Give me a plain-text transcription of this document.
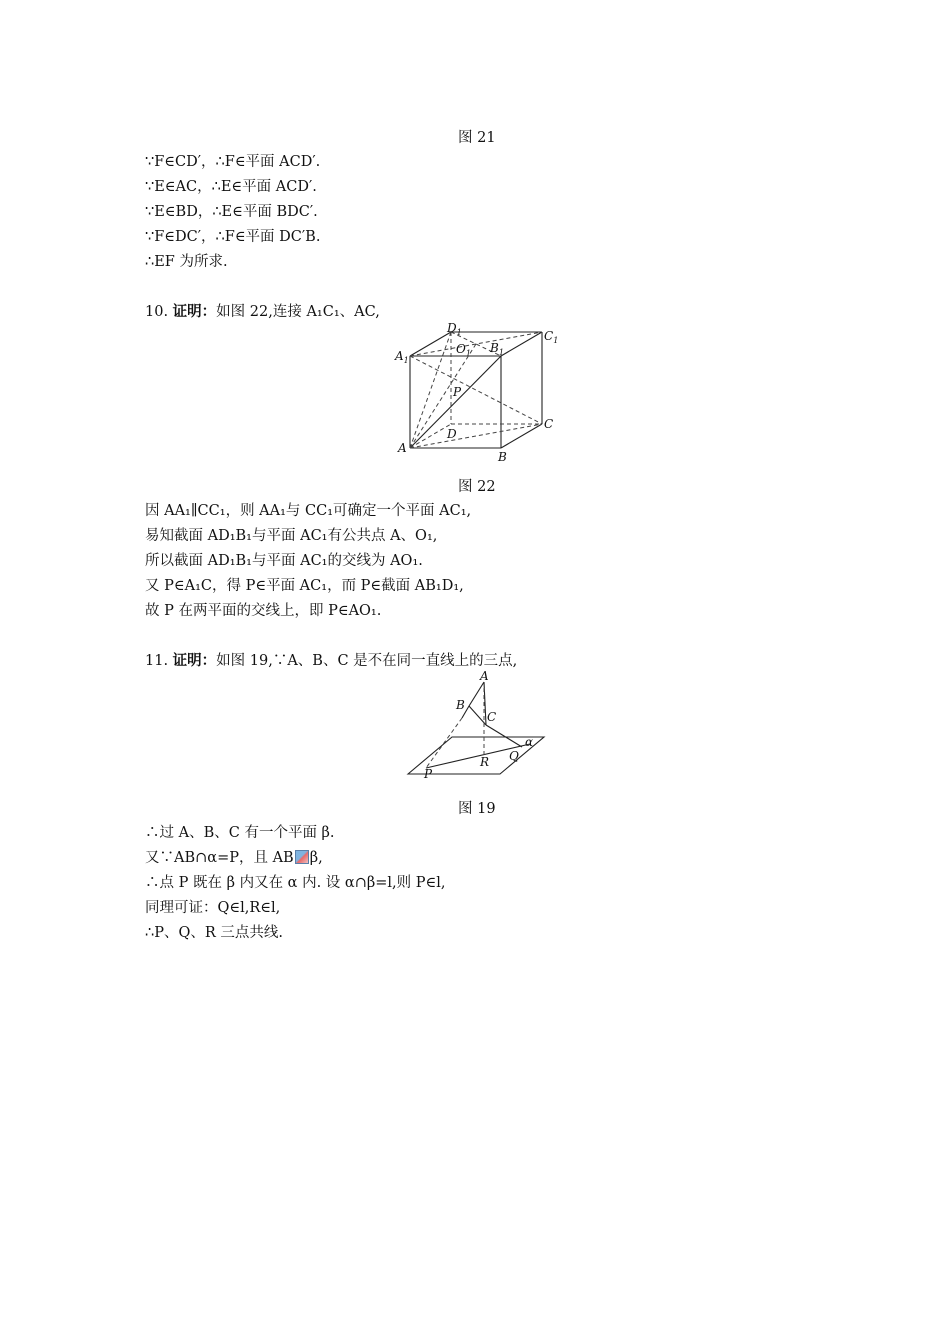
图 21
∵F∈CD′，∴F∈平面 ACD′.
∵E∈AC，∴E∈平面 ACD′.
∵E∈BD，∴E∈平面 BDC′.
∵F∈DC′，∴F∈平面 DC′B.
∴EF 为所求.
10. 证明：如图 22,连接 A₁C₁、AC,
$D_1$	$C_1$
$A_1$
$B_1$
$O_1$
P
D
C
A
B
图 22
因 AA₁∥CC₁，则 AA₁与 CC₁可确定一个平面 AC₁,
易知截面 AD₁B₁与平面 AC₁有公共点 A、O₁,
所以截面 AD₁B₁与平面 AC₁的交线为 AO₁.
又 P∈A₁C，得 P∈平面 AC₁，而 P∈截面 AB₁D₁,
故 P 在两平面的交线上，即 P∈AO₁.
11. 证明：如图 19,∵A、B、C 是不在同一直线上的三点,
A
B
C
α
Q
R
P
图 19
∴过 A、B、C 有一个平面 β.
又∵AB∩α=P，且 AB β,
∴点 P 既在 β 内又在 α 内. 设 α∩β=l,则 P∈l,
同理可证：Q∈l,R∈l,
∴P、Q、R 三点共线.
